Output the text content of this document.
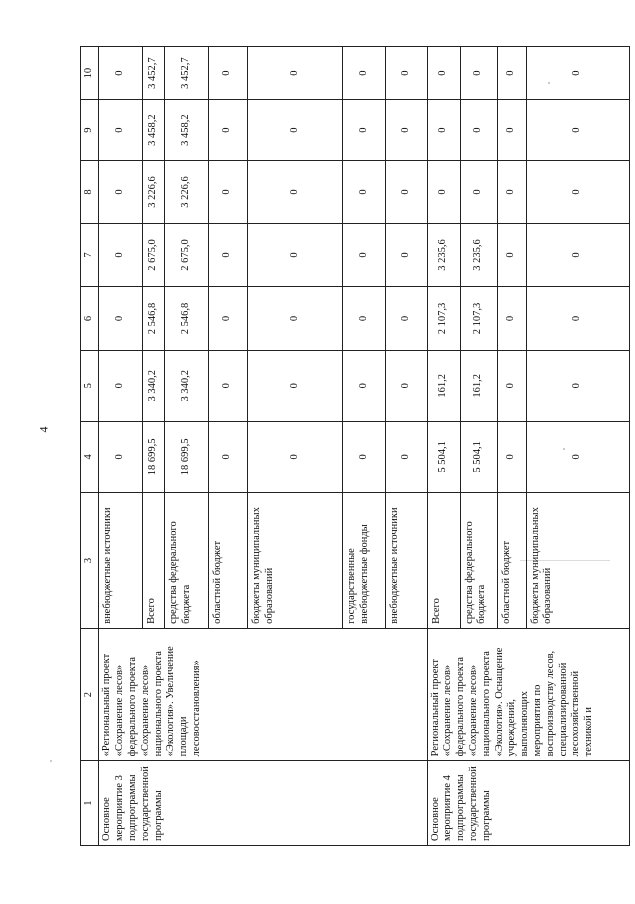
4
1	2	3	4	5	6	7	8	9	10
Основное мероприятие 3 подпрограммы государственной программы	«Региональный проект «Сохранение лесов» федерального проекта «Сохранение лесов» национального проекта «Экология». Увеличение площади лесовосстановления»	внебюджетные источники	0	0	0	0	0	0	0
		Всего	18 699,5	3 340,2	2 546,8	2 675,0	3 226,6	3 458,2	3 452,7
		средства федерального бюджета	18 699,5	3 340,2	2 546,8	2 675,0	3 226,6	3 458,2	3 452,7
		областной бюджет	0	0	0	0	0	0	0
		бюджеты муниципальных образований	0	0	0	0	0	0	0
		государственные внебюджетные фонды	0	0	0	0	0	0	0
		внебюджетные источники	0	0	0	0	0	0	0
Основное мероприятие 4 подпрограммы государственной программы	Региональный проект «Сохранение лесов» федерального проекта «Сохранение лесов» национального проекта «Экология». Оснащение учреждений, выполняющих мероприятия по воспроизводству лесов, специализированной лесохозяйственной техникой и	Всего	5 504,1	161,2	2 107,3	3 235,6	0	0	0
		средства федерального бюджета	5 504,1	161,2	2 107,3	3 235,6	0	0	0
		областной бюджет	0	0	0	0	0	0	0
		бюджеты муниципальных образований	0	0	0	0	0	0	0
